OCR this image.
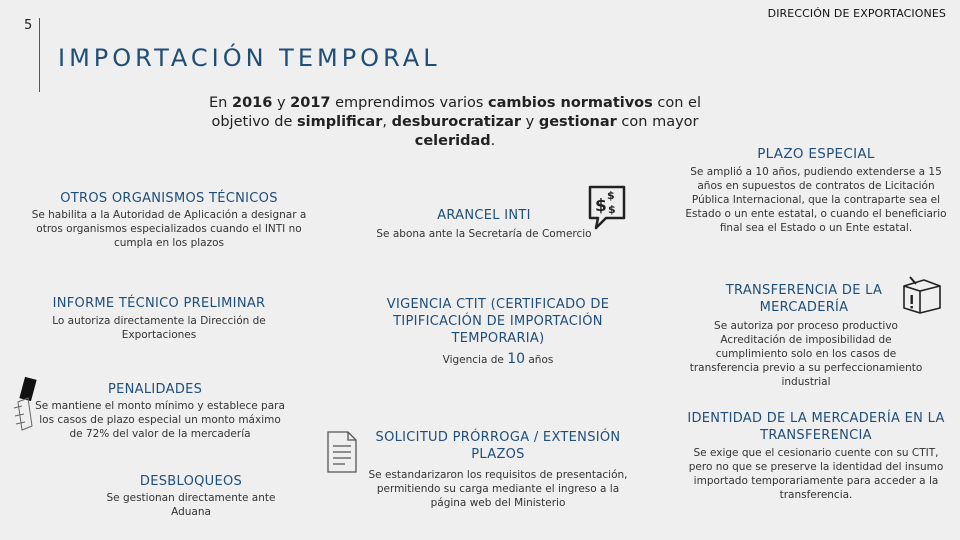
5
DIRECCIÓN DE EXPORTACIONES
IMPORTACIÓN TEMPORAL
En 2016 y 2017 emprendimos varios cambios normativos con el objetivo de simplificar, desburocratizar y gestionar con mayor celeridad.
OTROS ORGANISMOS TÉCNICOS
Se habilita a la Autoridad de Aplicación a designar a otros organismos especializados cuando el INTI no cumpla en los plazos
INFORME TÉCNICO PRELIMINAR
Lo autoriza directamente la Dirección de Exportaciones
PENALIDADES
Se mantiene el monto mínimo y establece para los casos de plazo especial un monto máximo de 72% del valor de la mercadería
DESBLOQUEOS
Se gestionan directamente ante Aduana
ARANCEL INTI
Se abona ante la Secretaría de Comercio
$
$
$
VIGENCIA CTIT (CERTIFICADO DE TIPIFICACIÓN DE IMPORTACIÓN TEMPORARIA)
Vigencia de 10 años
SOLICITUD PRÓRROGA / EXTENSIÓN PLAZOS
Se estandarizaron los requisitos de presentación, permitiendo su carga mediante el ingreso a la página web del Ministerio
PLAZO ESPECIAL
Se amplió a 10 años, pudiendo extenderse a 15 años en supuestos de contratos de Licitación Pública Internacional, que la contraparte sea el Estado o un ente estatal, o cuando el beneficiario final sea el Estado o un Ente estatal.
TRANSFERENCIA DE LA MERCADERÍA
Se autoriza por proceso productivo Acreditación de imposibilidad de cumplimiento solo en los casos de transferencia previo a su perfeccionamiento industrial
IDENTIDAD DE LA MERCADERÍA EN LA TRANSFERENCIA
Se exige que el cesionario cuente con su CTIT, pero no que se preserve la identidad del insumo importado temporariamente para acceder a la transferencia.
